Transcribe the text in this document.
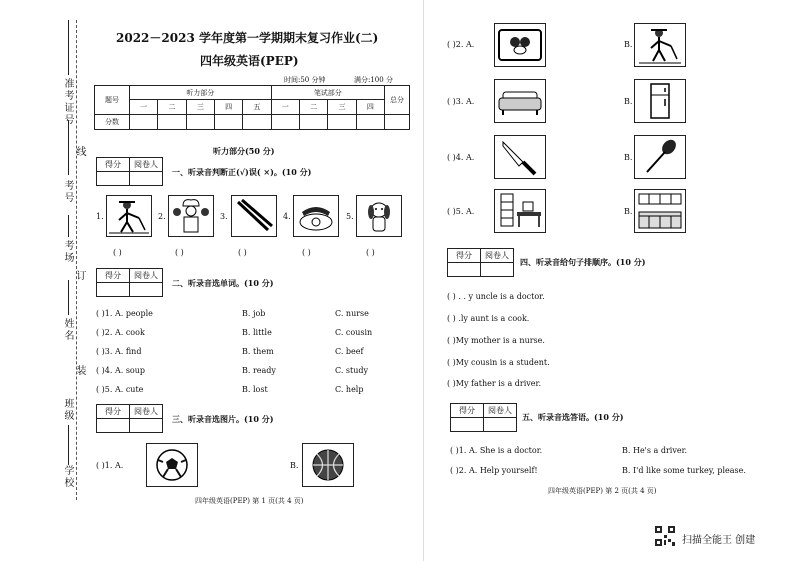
准考证号
线
考号
考场
订
姓名
装
班级
学校
2022－2023 学年度第一学期期末复习作业(二)
四年级英语(PEP)
时间:50 分钟	满分:100 分
题号	听力部分					笔试部分				总分
	一	二	三	四	五	一	二	三	四	
分数										
听力部分(50 分)
得分	阅卷人

一、听录音判断正(√)误( ×)。(10 分)
1.	2.	3.	4.	5.
( )	( )	( )	( )	( )
得分	阅卷人

二、听录音选单词。(10 分)
( )1. A. people	B. job	C. nurse
( )2. A. cook	B. little	C. cousin
( )3. A. find	B. them	C. beef
( )4. A. soup	B. ready	C. study
( )5. A. cute	B. lost	C. help
得分	阅卷人

三、听录音选图片。(10 分)
( )1. A.	B.
四年级英语(PEP) 第 1 页(共 4 页)
( )2. A.	B.
( )3. A.	B.
( )4. A.	B.
( )5. A.	B.
得分	阅卷人

四、听录音给句子排顺序。(10 分)
( ) . . y uncle is a doctor.
( ) .ly aunt is a cook.
( )My mother is a nurse.
( )My cousin is a student.
( )My father is a driver.
得分	阅卷人

五、听录音选答语。(10 分)
( )1. A. She is a doctor.	B. He's a driver.
( )2. A. Help yourself!	B. I'd like some turkey, please.
四年级英语(PEP) 第 2 页(共 4 页)
扫描全能王 创建
